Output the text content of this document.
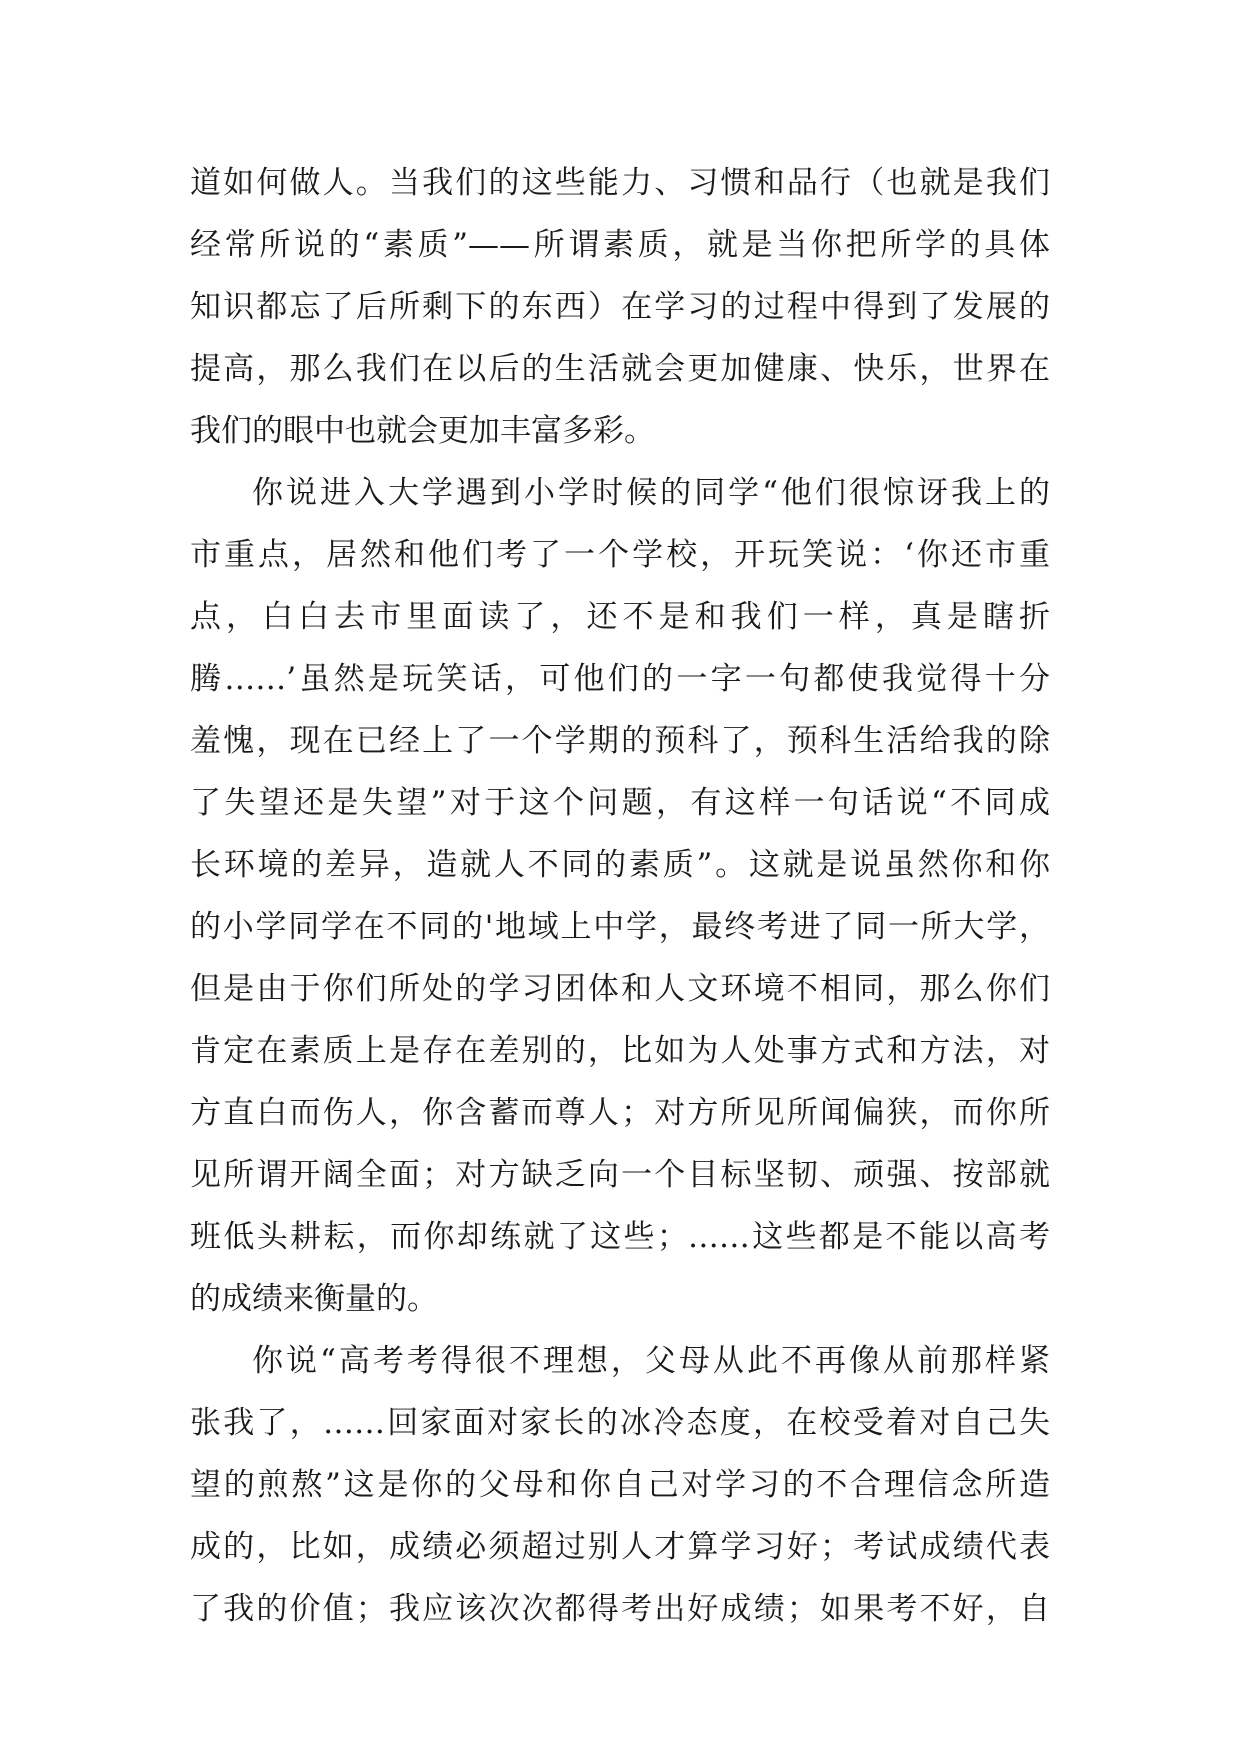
道如何做人。当我们的这些能力、习惯和品行（也就是我们
经常所说的“素质”——所谓素质，就是当你把所学的具体
知识都忘了后所剩下的东西）在学习的过程中得到了发展的
提高，那么我们在以后的生活就会更加健康、快乐，世界在
我们的眼中也就会更加丰富多彩。
你说进入大学遇到小学时候的同学“他们很惊讶我上的
市重点，居然和他们考了一个学校，开玩笑说：‘你还市重
点，白白去市里面读了，还不是和我们一样，真是瞎折
腾……’虽然是玩笑话，可他们的一字一句都使我觉得十分
羞愧，现在已经上了一个学期的预科了，预科生活给我的除
了失望还是失望”对于这个问题，有这样一句话说“不同成
长环境的差异，造就人不同的素质”。这就是说虽然你和你
的小学同学在不同的'地域上中学，最终考进了同一所大学，
但是由于你们所处的学习团体和人文环境不相同，那么你们
肯定在素质上是存在差别的，比如为人处事方式和方法，对
方直白而伤人，你含蓄而尊人；对方所见所闻偏狭，而你所
见所谓开阔全面；对方缺乏向一个目标坚韧、顽强、按部就
班低头耕耘，而你却练就了这些；……这些都是不能以高考
的成绩来衡量的。
你说“高考考得很不理想，父母从此不再像从前那样紧
张我了，……回家面对家长的冰冷态度，在校受着对自己失
望的煎熬”这是你的父母和你自己对学习的不合理信念所造
成的，比如，成绩必须超过别人才算学习好；考试成绩代表
了我的价值；我应该次次都得考出好成绩；如果考不好，自
